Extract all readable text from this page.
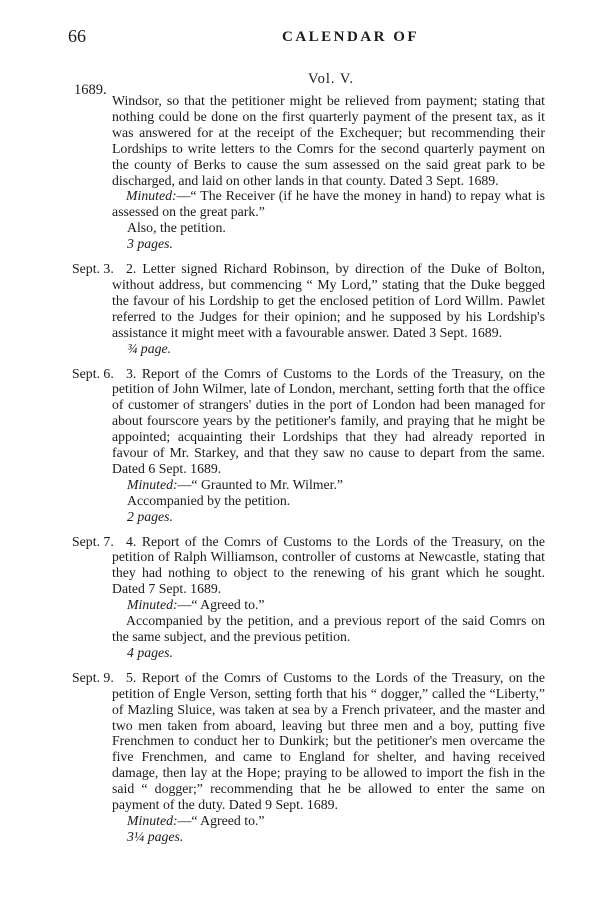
66	CALENDAR OF
Vol. V.
1689.

Windsor, so that the petitioner might be relieved from payment; stating that nothing could be done on the first quarterly payment of the present tax, as it was answered for at the receipt of the Exchequer; but recommending their Lordships to write letters to the Comrs for the second quarterly payment on the county of Berks to cause the sum assessed on the said great park to be discharged, and laid on other lands in that county. Dated 3 Sept. 1689.

Minuted:—“ The Receiver (if he have the money in hand) to repay what is assessed on the great park.”

Also, the petition.

3 pages.

Sept. 3. 2. Letter signed Richard Robinson, by direction of the Duke of Bolton, without address, but commencing “ My Lord,” stating that the Duke begged the favour of his Lordship to get the enclosed petition of Lord Willm. Pawlet referred to the Judges for their opinion; and he supposed by his Lordship's assistance it might meet with a favourable answer. Dated 3 Sept. 1689.

¾ page.

Sept. 6. 3. Report of the Comrs of Customs to the Lords of the Treasury, on the petition of John Wilmer, late of London, merchant, setting forth that the office of customer of strangers' duties in the port of London had been managed for about fourscore years by the petitioner's family, and praying that he might be appointed; acquainting their Lordships that they had already reported in favour of Mr. Starkey, and that they saw no cause to depart from the same. Dated 6 Sept. 1689.

Minuted:—“ Graunted to Mr. Wilmer.”

Accompanied by the petition.

2 pages.

Sept. 7. 4. Report of the Comrs of Customs to the Lords of the Treasury, on the petition of Ralph Williamson, controller of customs at Newcastle, stating that they had nothing to object to the renewing of his grant which he sought. Dated 7 Sept. 1689.

Minuted:—“ Agreed to.”

Accompanied by the petition, and a previous report of the said Comrs on the same subject, and the previous petition.

4 pages.

Sept. 9. 5. Report of the Comrs of Customs to the Lords of the Treasury, on the petition of Engle Verson, setting forth that his “ dogger,” called the “Liberty,” of Mazling Sluice, was taken at sea by a French privateer, and the master and two men taken from aboard, leaving but three men and a boy, putting five Frenchmen to conduct her to Dunkirk; but the petitioner's men overcame the five Frenchmen, and came to England for shelter, and having received damage, then lay at the Hope; praying to be allowed to import the fish in the said “ dogger;” recommending that he be allowed to enter the same on payment of the duty. Dated 9 Sept. 1689.

Minuted:—“ Agreed to.”

3¼ pages.
